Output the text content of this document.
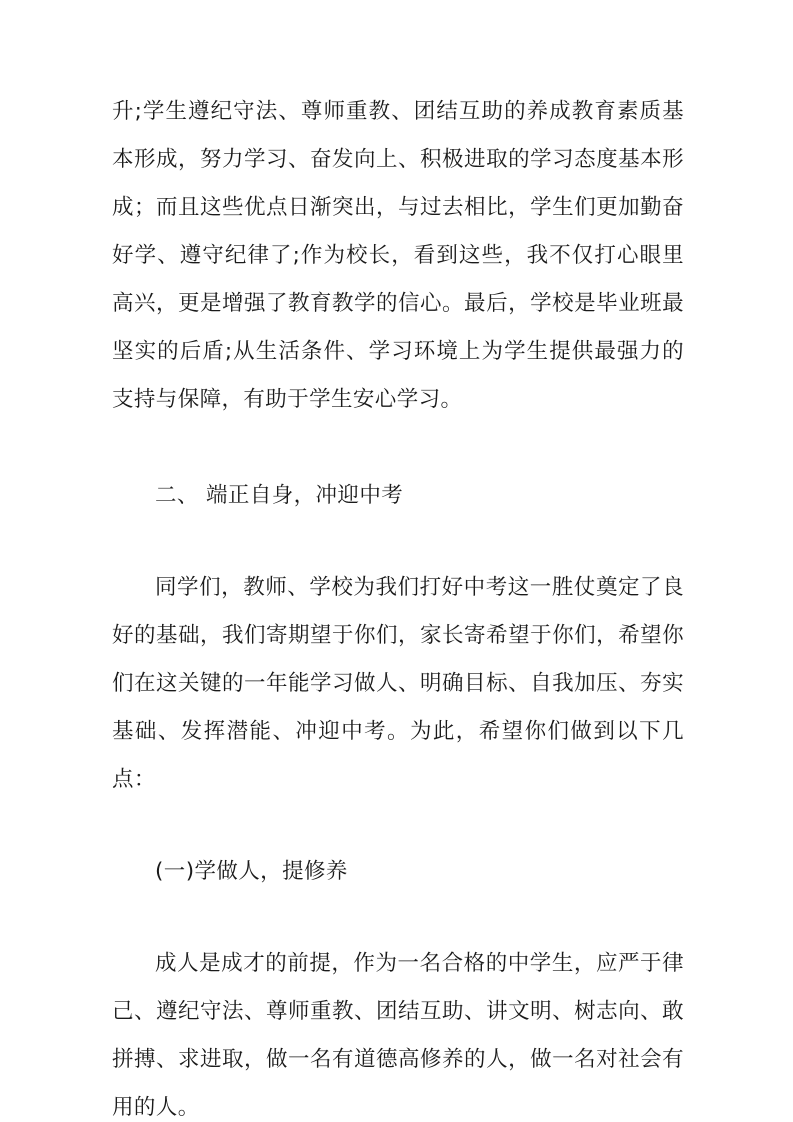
升;学生遵纪守法、尊师重教、团结互助的养成教育素质基本形成，努力学习、奋发向上、积极进取的学习态度基本形成；而且这些优点日渐突出，与过去相比，学生们更加勤奋好学、遵守纪律了;作为校长，看到这些，我不仅打心眼里高兴，更是增强了教育教学的信心。最后，学校是毕业班最坚实的后盾;从生活条件、学习环境上为学生提供最强力的支持与保障，有助于学生安心学习。

二、 端正自身，冲迎中考

同学们，教师、学校为我们打好中考这一胜仗奠定了良好的基础，我们寄期望于你们，家长寄希望于你们，希望你们在这关键的一年能学习做人、明确目标、自我加压、夯实基础、发挥潜能、冲迎中考。为此，希望你们做到以下几点：

(一)学做人，提修养

成人是成才的前提，作为一名合格的中学生，应严于律己、遵纪守法、尊师重教、团结互助、讲文明、树志向、敢拼搏、求进取，做一名有道德高修养的人，做一名对社会有用的人。
